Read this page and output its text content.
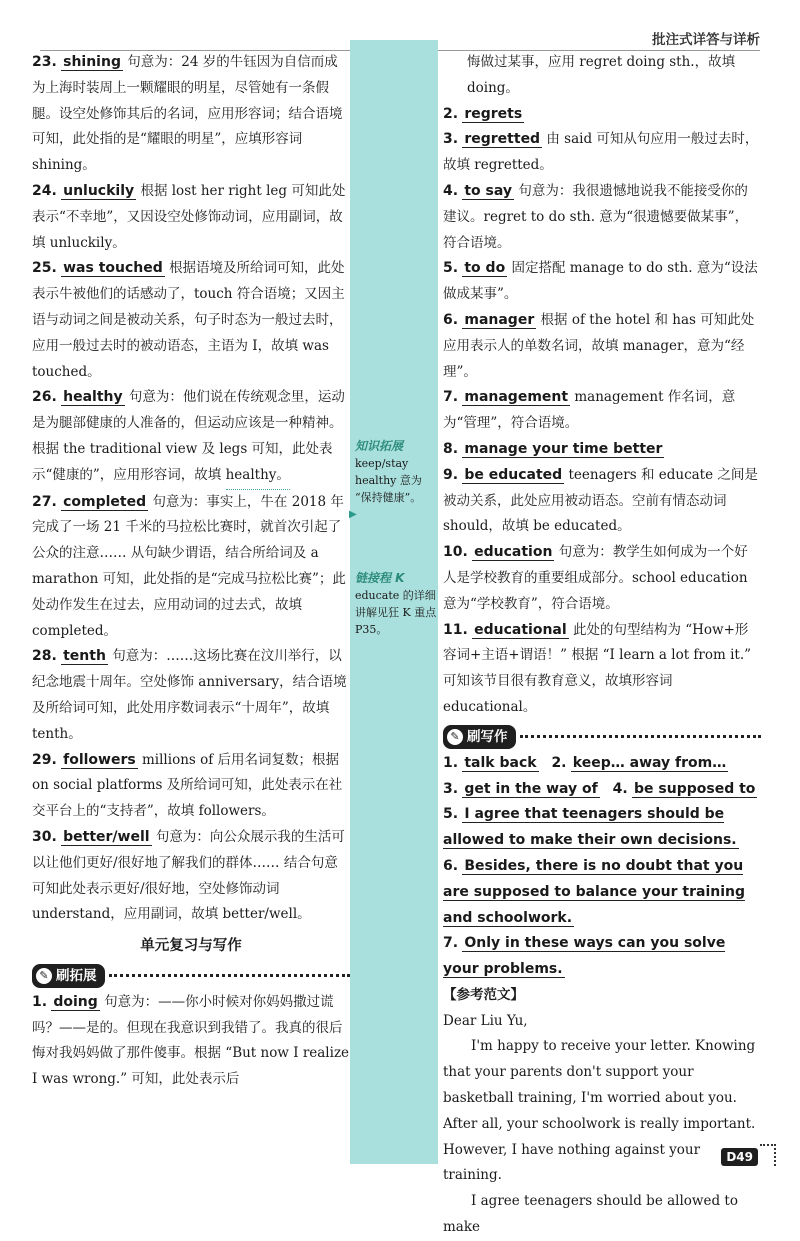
批注式详答与详析
知识拓展
keep/stay healthy 意为 “保持健康”。
▶
链接程 K
educate 的详细讲解见狂 K 重点 P35。

23. shining 句意为：24 岁的牛钰因为自信而成为上海时装周上一颗耀眼的明星，尽管她有一条假腿。设空处修饰其后的名词，应用形容词；结合语境可知，此处指的是“耀眼的明星”，应填形容词 shining。

24. unluckily 根据 lost her right leg 可知此处表示“不幸地”，又因设空处修饰动词，应用副词，故填 unluckily。

25. was touched 根据语境及所给词可知，此处表示牛被他们的话感动了，touch 符合语境；又因主语与动词之间是被动关系，句子时态为一般过去时，应用一般过去时的被动语态，主语为 I，故填 was touched。

26. healthy 句意为：他们说在传统观念里，运动是为腿部健康的人准备的，但运动应该是一种精神。根据 the traditional view 及 legs 可知，此处表示“健康的”，应用形容词，故填 healthy。

27. completed 句意为：事实上，牛在 2018 年完成了一场 21 千米的马拉松比赛时，就首次引起了公众的注意…… 从句缺少谓语，结合所给词及 a marathon 可知，此处指的是“完成马拉松比赛”；此处动作发生在过去，应用动词的过去式，故填 completed。

28. tenth 句意为：……这场比赛在汶川举行，以纪念地震十周年。空处修饰 anniversary，结合语境及所给词可知，此处用序数词表示“十周年”，故填 tenth。

29. followers millions of 后用名词复数；根据 on social platforms 及所给词可知，此处表示在社交平台上的“支持者”，故填 followers。

30. better/well 句意为：向公众展示我的生活可以让他们更好/很好地了解我们的群体…… 结合句意可知此处表示更好/很好地，空处修饰动词 understand，应用副词，故填 better/well。

单元复习与写作
✎ 刷拓展

1. doing 句意为：——你小时候对你妈妈撒过谎吗？——是的。但现在我意识到我错了。我真的很后悔对我妈妈做了那件傻事。根据 “But now I realize I was wrong.” 可知，此处表示后

悔做过某事，应用 regret doing sth.，故填 doing。

2. regrets

3. regretted 由 said 可知从句应用一般过去时，故填 regretted。

4. to say 句意为：我很遗憾地说我不能接受你的建议。regret to do sth. 意为“很遗憾要做某事”，符合语境。

5. to do 固定搭配 manage to do sth. 意为“设法做成某事”。

6. manager 根据 of the hotel 和 has 可知此处应用表示人的单数名词，故填 manager，意为“经理”。

7. management management 作名词，意为“管理”，符合语境。

8. manage your time better

9. be educated teenagers 和 educate 之间是被动关系，此处应用被动语态。空前有情态动词 should，故填 be educated。

10. education 句意为：教学生如何成为一个好人是学校教育的重要组成部分。school education 意为“学校教育”，符合语境。

11. educational 此处的句型结构为 “How+形容词+主语+谓语！” 根据 “I learn a lot from it.” 可知该节目很有教育意义，故填形容词 educational。

✎ 刷写作

1. talk back 2. keep… away from…

3. get in the way of 4. be supposed to

5. I agree that teenagers should be allowed to make their own decisions.

6. Besides, there is no doubt that you are supposed to balance your training and schoolwork.

7. Only in these ways can you solve your problems.

【参考范文】

Dear Liu Yu,

I'm happy to receive your letter. Knowing that your parents don't support your basketball training, I'm worried about you. After all, your schoolwork is really important. However, I have nothing against your training.

I agree teenagers should be allowed to make

D49
